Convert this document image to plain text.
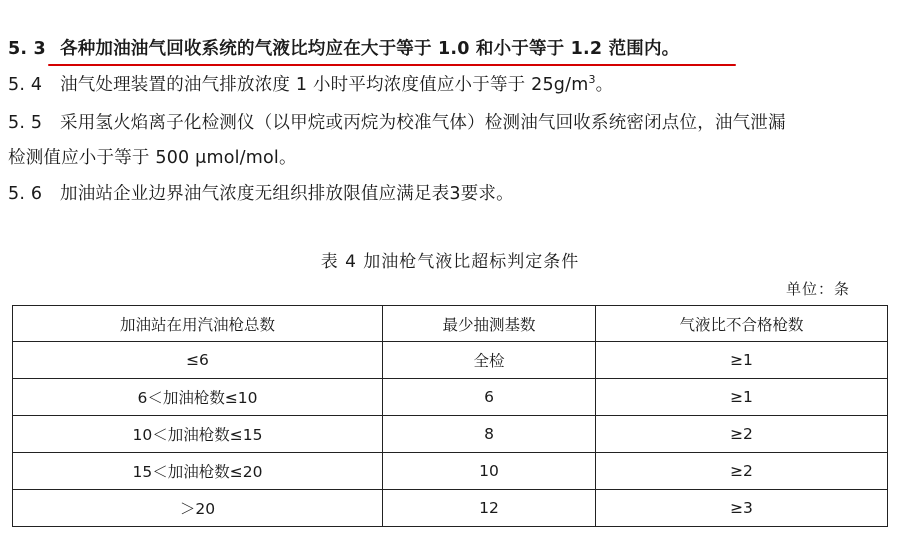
5. 3 各种加油油气回收系统的气液比均应在大于等于 1.0 和小于等于 1.2 范围内。
5. 4 油气处理装置的油气排放浓度 1 小时平均浓度值应小于等于 $25g/m^3$。
5. 5 采用氢火焰离子化检测仪（以甲烷或丙烷为校准气体）检测油气回收系统密闭点位，油气泄漏
检测值应小于等于 500 μmol/mol。
5. 6 加油站企业边界油气浓度无组织排放限值应满足表3要求。
表 4 加油枪气液比超标判定条件
单位：条
加油站在用汽油枪总数	最少抽测基数	气液比不合格枪数
≤6	全检	≥1
6＜加油枪数≤10	6	≥1
10＜加油枪数≤15	8	≥2
15＜加油枪数≤20	10	≥2
＞20	12	≥3
